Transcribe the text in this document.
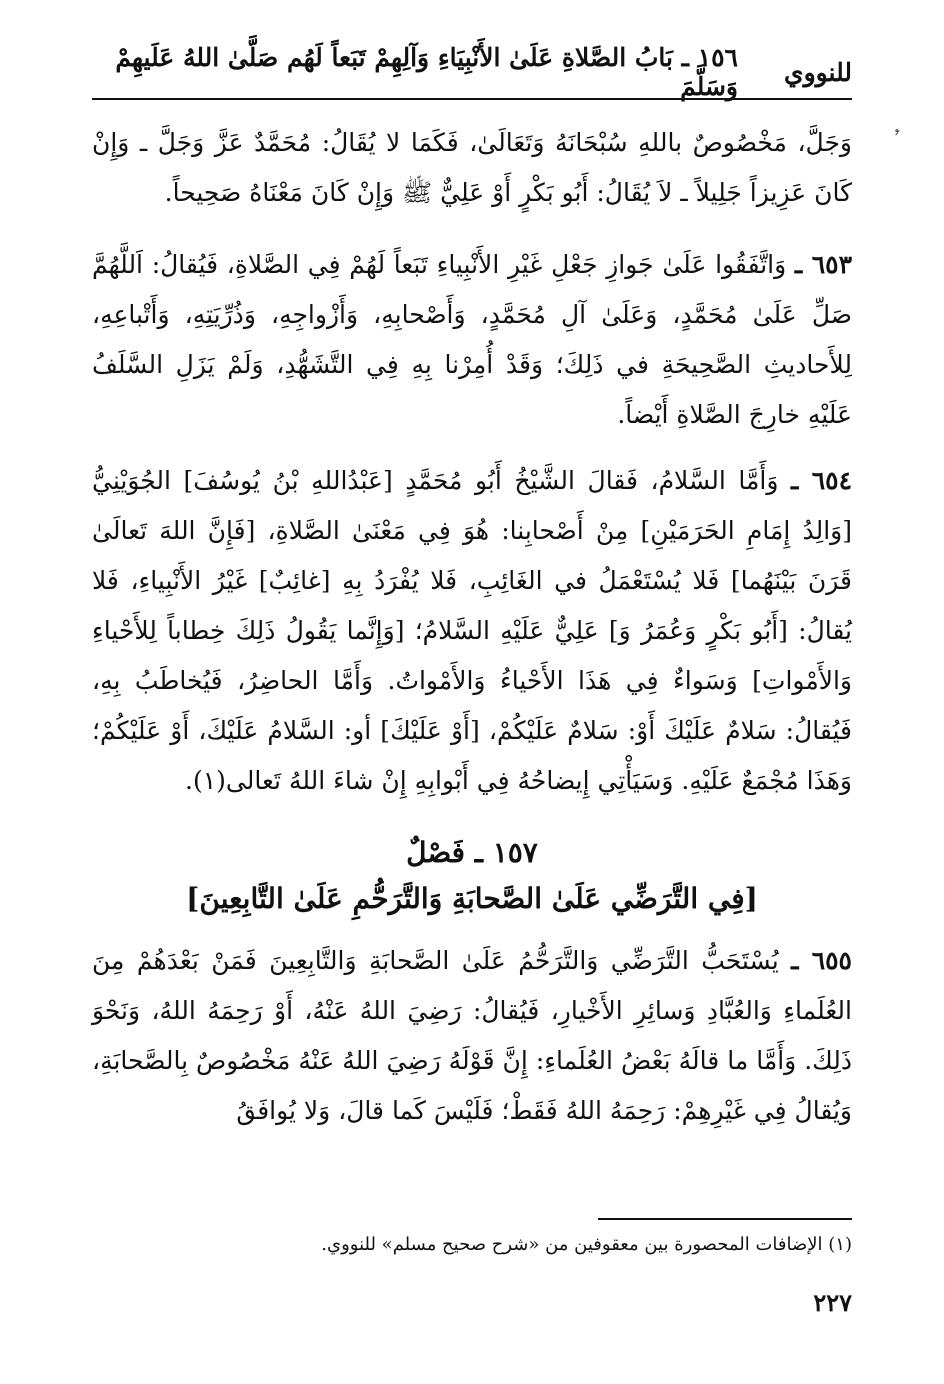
للنووي
١٥٦ ـ بَابُ الصَّلاةِ عَلَىٰ الأَنْبِيَاءِ وَآلِهِمْ تَبَعاً لَهُم صَلَّىٰ اللهُ عَلَيهِمْ وَسَلَّمَ
ﹸ

وَجَلَّ، مَخْصُوصٌ باللهِ سُبْحَانَهُ وَتَعَالَىٰ، فَكَمَا لا يُقَالُ: مُحَمَّدٌ عَزَّ وَجَلَّ ـ وَإِنْ كَانَ عَزِيزاً جَلِيلاً ـ لاَ يُقَالُ: أَبُو بَكْرٍ أَوْ عَلِيٌّ ﷺ وَإِنْ كَانَ مَعْنَاهُ صَحِيحاً.

٦٥٣ ـ وَاتَّفَقُوا عَلَىٰ جَوازِ جَعْلِ غَيْرِ الأَنْبِياءِ تَبَعاً لَهُمْ فِي الصَّلاةِ، فَيُقالُ: اَللَّهُمَّ صَلِّ عَلَىٰ مُحَمَّدٍ، وَعَلَىٰ آلِ مُحَمَّدٍ، وَأَصْحابِهِ، وَأَزْواجِهِ، وَذُرِّيَتِهِ، وَأَتْباعِهِ، لِلأَحاديثِ الصَّحِيحَةِ في ذَلِكَ؛ وَقَدْ أُمِرْنا بِهِ فِي التَّشَهُّدِ، وَلَمْ يَزَلِ السَّلَفُ عَلَيْهِ خارِجَ الصَّلاةِ أَيْضاً.

٦٥٤ ـ وَأَمَّا السَّلامُ، فَقالَ الشَّيْخُ أَبُو مُحَمَّدٍ [عَبْدُاللهِ بْنُ يُوسُفَ] الجُوَيْنِيُّ [وَالِدُ إِمَامِ الحَرَمَيْنِ] مِنْ أَصْحابِنا: هُوَ فِي مَعْنَىٰ الصَّلاةِ، [فَإِنَّ اللهَ تَعالَىٰ قَرَنَ بَيْنَهُما] فَلا يُسْتَعْمَلُ في الغَائِبِ، فَلا يُفْرَدُ بِهِ [غائِبٌ] غَيْرُ الأَنْبِياءِ، فَلا يُقالُ: [أَبُو بَكْرٍ وَعُمَرُ وَ] عَلِيٌّ عَلَيْهِ السَّلامُ؛ [وَإِنَّما يَقُولُ ذَلِكَ خِطاباً لِلأَحْياءِ وَالأَمْواتِ] وَسَواءٌ فِي هَذَا الأَحْياءُ وَالأَمْواتُ. وَأَمَّا الحاضِرُ، فَيُخاطَبُ بِهِ، فَيُقالُ: سَلامٌ عَلَيْكَ أَوْ: سَلامٌ عَلَيْكُمْ، [أَوْ عَلَيْكَ] أو: السَّلامُ عَلَيْكَ، أَوْ عَلَيْكُمْ؛ وَهَذَا مُجْمَعٌ عَلَيْهِ. وَسَيَأْتِي إِيضاحُهُ فِي أَبْوابِهِ إِنْ شاءَ اللهُ تَعالى(١).

١٥٧ ـ فَصْلٌ
[فِي التَّرَضِّي عَلَىٰ الصَّحابَةِ وَالتَّرَحُّمِ عَلَىٰ التَّابِعِينَ]

٦٥٥ ـ يُسْتَحَبُّ التَّرَضِّي وَالتَّرَحُّمُ عَلَىٰ الصَّحابَةِ وَالتَّابِعِينَ فَمَنْ بَعْدَهُمْ مِنَ العُلَماءِ وَالعُبَّادِ وَسائِرِ الأَخْيارِ، فَيُقالُ: رَضِيَ اللهُ عَنْهُ، أَوْ رَحِمَهُ اللهُ، وَنَحْوَ ذَلِكَ. وَأَمَّا ما قالَهُ بَعْضُ العُلَماءِ: إِنَّ قَوْلَهُ رَضِيَ اللهُ عَنْهُ مَخْصُوصٌ بِالصَّحابَةِ، وَيُقالُ فِي غَيْرِهِمْ: رَحِمَهُ اللهُ فَقَطْ؛ فَلَيْسَ كَما قالَ، وَلا يُوافَقُ

(١) الإضافات المحصورة بين معقوفين من «شرح صحيح مسلم» للنووي.
٢٢٧
